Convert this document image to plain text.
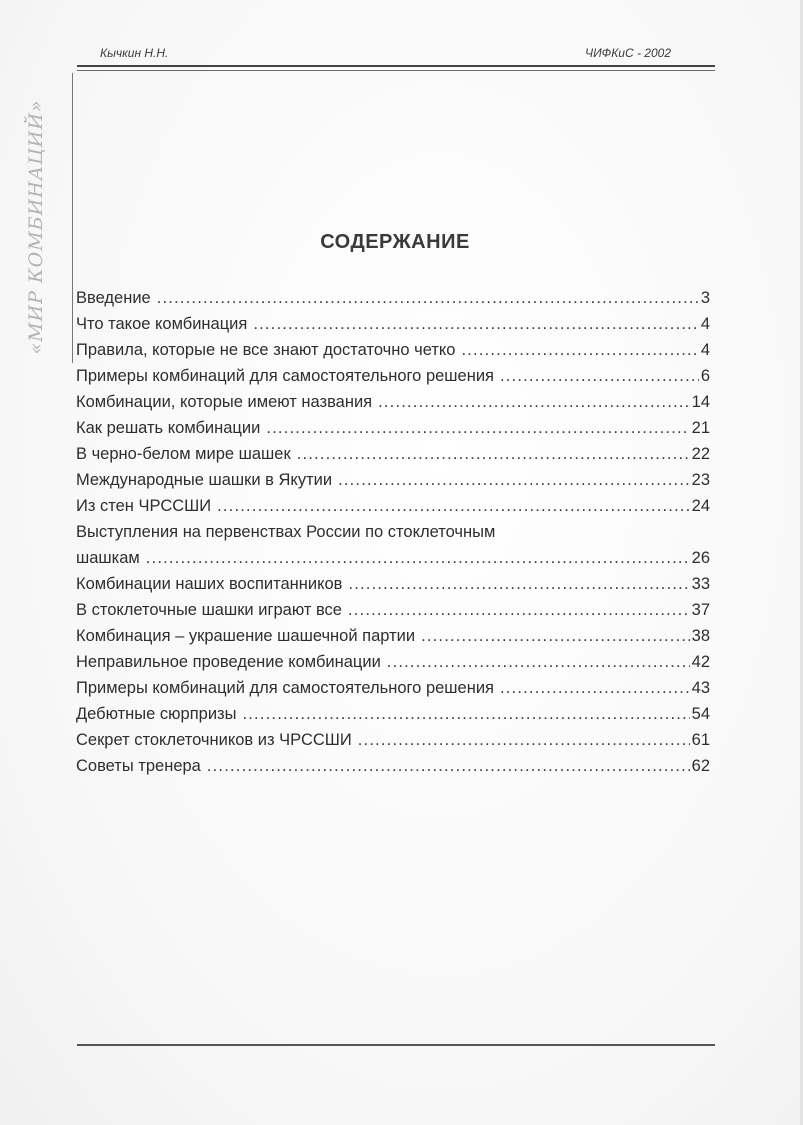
Кычкин Н.Н.	ЧИФКиС - 2002
«МИР КОМБИНАЦИЙ»	СОДЕРЖАНИЕ
Введение .....	3
Что такое комбинация .....	4
Правила, которые не все знают достаточно четко .....	4
Примеры комбинаций для самостоятельного решения .....	6
Комбинации, которые имеют названия .....	14
Как решать комбинации .....	21
В черно-белом мире шашек .....	22
Международные шашки в Якутии .....	23
Из стен ЧРССШИ .....	24
Выступления на первенствах России по стоклеточным
шашкам .....	26
Комбинации наших воспитанников .....	33
В стоклеточные шашки играют все .....	37
Комбинация – украшение шашечной партии .....	38
Неправильное проведение комбинации .....	42
Примеры комбинаций для самостоятельного решения .....	43
Дебютные сюрпризы .....	54
Секрет стоклеточников из ЧРССШИ .....	61
Советы тренера .....	62
